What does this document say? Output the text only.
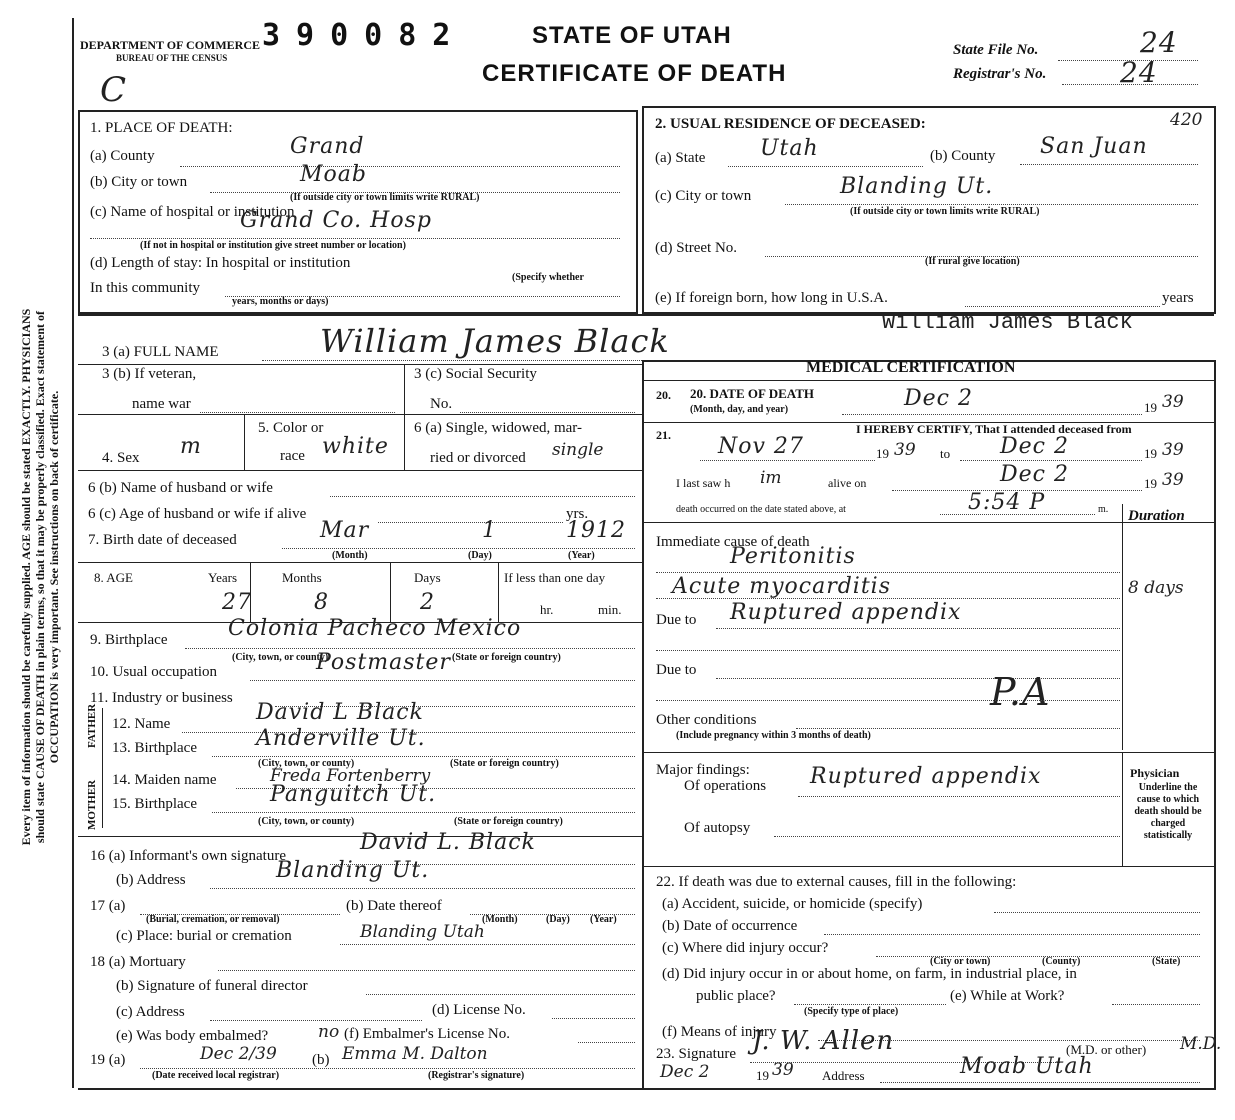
Every item of information should be carefully supplied. AGE should be stated EXACTLY. PHYSICIANS should state CAUSE OF DEATH in plain terms, so that it may be properly classified. Exact statement of OCCUPATION is very important. See instructions on back of certificate.
DEPARTMENT OF COMMERCE
BUREAU OF THE CENSUS
390082	STATE OF UTAH
CERTIFICATE OF DEATH
C
State File No.	24
Registrar's No.	24
1. PLACE OF DEATH:
(a) County	Grand
(b) City or town	Moab
(If outside city or town limits write RURAL)
(c) Name of hospital or institution
Grand Co. Hosp
(If not in hospital or institution give street number or location)
(d) Length of stay: In hospital or institution
(Specify whether
In this community
years, months or days)
420
2. USUAL RESIDENCE OF DECEASED:
(a) State Utah	(b) County San Juan
(c) City or town	Blanding Ut.
(If outside city or town limits write RURAL)
(d) Street No.
(If rural give location)
(e) If foreign born, how long in U.S.A.	years
3 (a) FULL NAME	William James Black	William James Black
MEDICAL CERTIFICATION
3 (b) If veteran,
name war
3 (c) Social Security
No.
4. Sex m
5. Color or
race white
6 (a) Single, widowed, mar-
ried or divorced single
6 (b) Name of husband or wife
6 (c) Age of husband or wife if alive	yrs.
7. Birth date of deceased	Mar	1	1912
(Month)	(Day)	(Year)
8. AGE	Years	Months	Days	If less than one day
27	8	2	hr.	min.
9. Birthplace	Colonia Pacheco Mexico
(City, town, or county)	(State or foreign country)
10. Usual occupation	Postmaster
11. Industry or business
FATHER
MOTHER
12. Name	David L Black
13. Birthplace	Anderville Ut.
(City, town, or county)	(State or foreign country)
14. Maiden name	Freda Fortenberry
15. Birthplace	Panguitch Ut.
(City, town, or county)	(State or foreign country)
16 (a) Informant's own signature
David L. Black
(b) Address	Blanding Ut.
17 (a)
(Burial, cremation, or removal)
(b) Date thereof
(Month)	(Day) (Year)
(c) Place: burial or cremation	Blanding Utah
18 (a) Mortuary
(b) Signature of funeral director
(c) Address	(d) License No.
(e) Was body embalmed?	no (f) Embalmer's License No.
19 (a)	Dec 2/39 (b) Emma M. Dalton
(Date received local registrar)	(Registrar's signature)
20. 20. DATE OF DEATH
(Month, day, and year)	Dec 2	19 39
21.	I HEREBY CERTIFY, That I attended deceased from
Nov 27	19 39 to Dec 2	19 39
I last saw h im	alive on	Dec 2	19 39
death occurred on the date stated above, at	5:54 P	m. Duration
Immediate cause of death
Peritonitis
Acute myocarditis	8 days
Due to Ruptured appendix
Due to	P.A
Other conditions
(Include pregnancy within 3 months of death)
Major findings:
Of operations Ruptured appendix
Of autopsy
Physician
Underline the cause to which death should be charged statistically
22. If death was due to external causes, fill in the following:
(a) Accident, suicide, or homicide (specify)
(b) Date of occurrence
(c) Where did injury occur?
(City or town)	(County)	(State)
(d) Did injury occur in or about home, on farm, in industrial place, in
public place?	(e) While at Work?
(Specify type of place)
(f) Means of injury
23. Signature J. W. Allen	(M.D. or other) M.D.
Dec 2	19 39 Address	Moab Utah
